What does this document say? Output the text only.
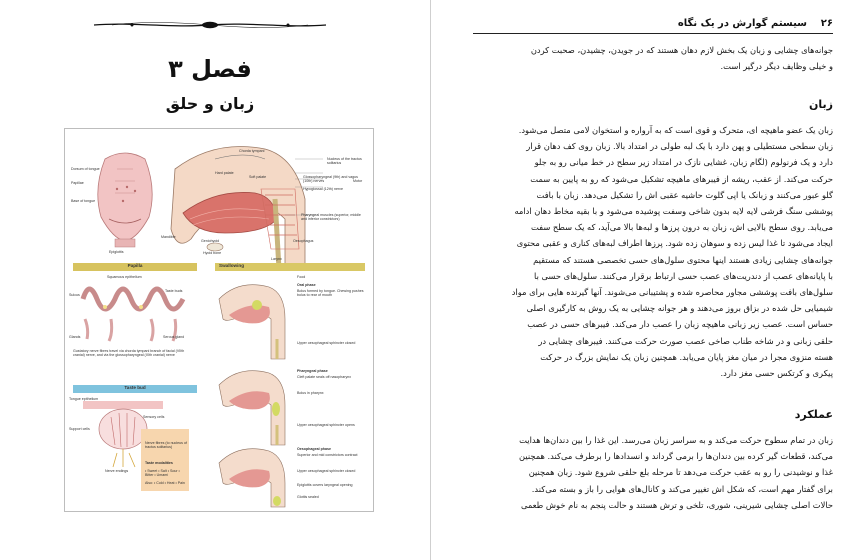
فصل ۳
زبان و حلق
Dorsum of tongue
Papillae
Base of tongue
Epiglottis
Chorda tympani
Hard palate
Soft palate
Mandible
Geniohyoid
Hyoid bone
Larynx
Oesophagus
Glossopharyngeal (9th) and vagus (10th) nerves
Hypoglossal (12th) nerve
Nucleus of the tractus solitarius
Motor
Pharyngeal muscles (superior, middle and inferior constrictors)
Papilla
Squamous epithelium
Sulcus
Taste buds
Glands	Serous gland
Gustatory nerve fibres travel via chorda tympani branch of facial (VIIth cranial) nerve, and via the glossopharyngeal (IXth cranial) nerve
Taste bud
Tongue epithelium
Sensory cells
Support cells
Nerve fibres (to nucleus of tractus solitarius)
Nerve endings
Taste modalities
• Sweet • Salt • Sour • Bitter • Umami
Also: • Cold • Heat • Pain
Swallowing
Food
Oral phase
Bolus formed by tongue. Chewing pushes bolus to rear of mouth
Upper oesophageal sphincter closed
Pharyngeal phase
Cleft palate seals off nasopharynx
Bolus in pharynx
Upper oesophageal sphincter opens
Oesophageal phase
Superior and mid constrictors contract
Upper oesophageal sphincter closed
Epiglottis covers laryngeal opening
Glottis sealed
۲۶
سیستم گوارش در یک نگاه
جوانه‌های چشایی و زبان یک بخش لازم دهان هستند که در جویدن، چشیدن، صحبت کردن
و خیلی وظایف دیگر درگیر است.
زبان
زبان یک عضو ماهیچه ای، متحرک و قوی است که به آرواره و استخوان لامی متصل می‌شود.
زبان سطحی مستطیلی و پهن دارد با یک لبه طولی در امتداد بالا. زبان روی کف دهان قرار
دارد و یک فرنولوم (لگام زبان، غشایی نازک در امتداد زیر سطح در خط میانی رو به جلو
حرکت می‌کند. از عقب، ریشه از فیبرهای ماهیچه تشکیل می‌شود که رو به پایین به سمت
گلو عبور می‌کنند و زبانک یا اپی گلوت حاشیه عقبی اش را تشکیل می‌دهد. زبان با بافت
پوششی سنگ فرشی لایه لایه بدون شاخی وسفت پوشیده می‌شود و با بقیه مخاط دهان ادامه
می‌یابد. روی سطح بالایی اش، زبان به درون پرزها و لبه‌ها بالا می‌آید، که یک سطح سفت
ایجاد می‌شود تا غذا لیس زده و سوهان زده شود. پرزها اطراف لبه‌های کناری و عقبی محتوی
جوانه‌های چشایی زیادی هستند اینها محتوی سلول‌های حسی تخصصی هستند که مستقیم
با پایانه‌های عصب از دندریت‌های عصب حسی ارتباط برقرار می‌کنند. سلول‌های حسی با
سلول‌های بافت پوششی مجاور محاصره شده و پشتیبانی می‌شوند. آنها گیرنده هایی برای مواد
شیمیایی حل شده در بزاق بروز می‌دهند و هر جوانه چشایی به یک روش به کارگیری اصلی
حساس است. عصب زیر زبانی ماهیچه زبان را عصب دار می‌کند. فیبرهای حسی در عصب
حلقی زبانی و در شاخه طناب صاخی عصب صورت حرکت می‌کنند. فیبرهای چشایی در
هسته منزوی مجرا در میان مغز پایان می‌یابد. همچنین زبان یک نمایش بزرگ در حرکت
پیکری و کرتکس حسی مغز دارد.
عملکرد
زبان در تمام سطوح حرکت می‌کند و به سراسر زبان می‌رسد. این غذا را بین دندان‌ها هدایت
می‌کند، قطعات گیر کرده بین دندان‌ها را برمی گرداند و انسدادها را برطرف می‌کند. همچنین
غذا و نوشیدنی را رو به عقب حرکت می‌دهد تا مرحله بلع حلقی شروع شود. زبان همچنین
برای گفتار مهم است، که شکل اش تغییر می‌کند و کانال‌های هوایی را باز و بسته می‌کند.
حالات اصلی چشایی شیرینی، شوری، تلخی و ترش هستند و حالت پنجم به نام خوش طعمی
